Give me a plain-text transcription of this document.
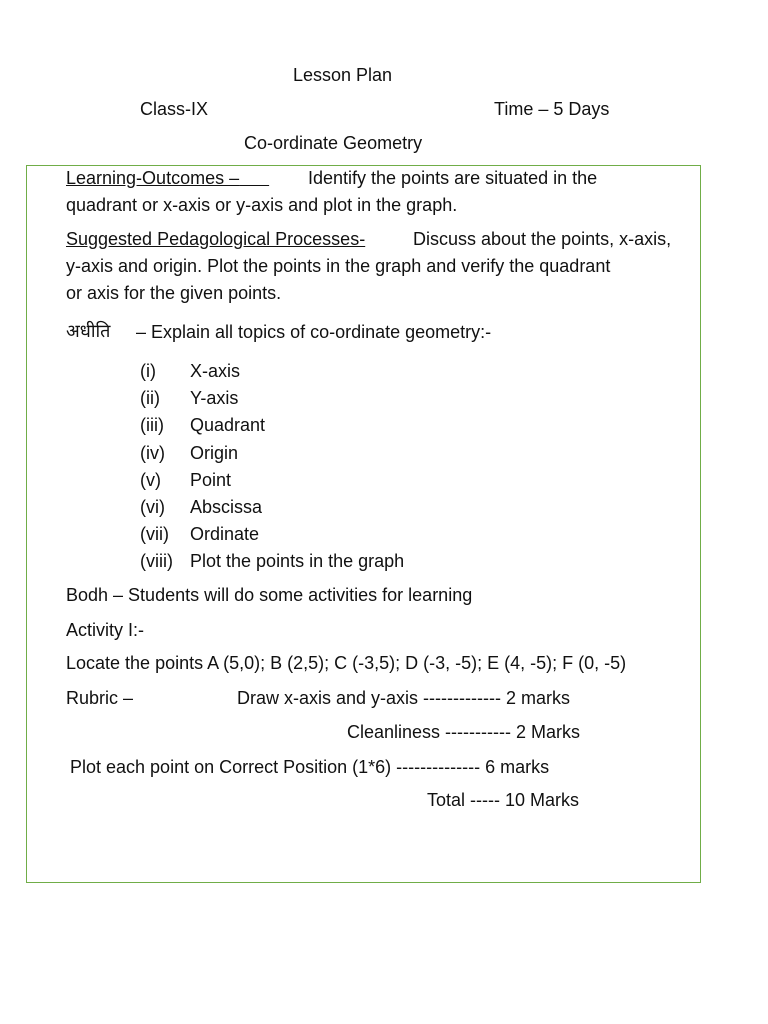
Lesson Plan
Class-IX	Time – 5 Days
Co-ordinate Geometry
Learning-Outcomes –	Identify the points are situated in the
quadrant or x-axis or y-axis and plot in the graph.
Suggested Pedagological Processes-	Discuss about the points, x-axis,
y-axis and origin. Plot the points in the graph and verify the quadrant
or axis for the given points.
अधीति – Explain all topics of co-ordinate geometry:-
(i) X-axis
(ii) Y-axis
(iii) Quadrant
(iv) Origin
(v) Point
(vi) Abscissa
(vii) Ordinate
(viii) Plot the points in the graph
Bodh – Students will do some activities for learning
Activity I:-
Locate the points A (5,0); B (2,5); C (-3,5); D (-3, -5); E (4, -5); F (0, -5)
Rubric –	Draw x-axis and y-axis ------------- 2 marks
Cleanliness ----------- 2 Marks
Plot each point on Correct Position (1*6) -------------- 6 marks
Total ----- 10 Marks
